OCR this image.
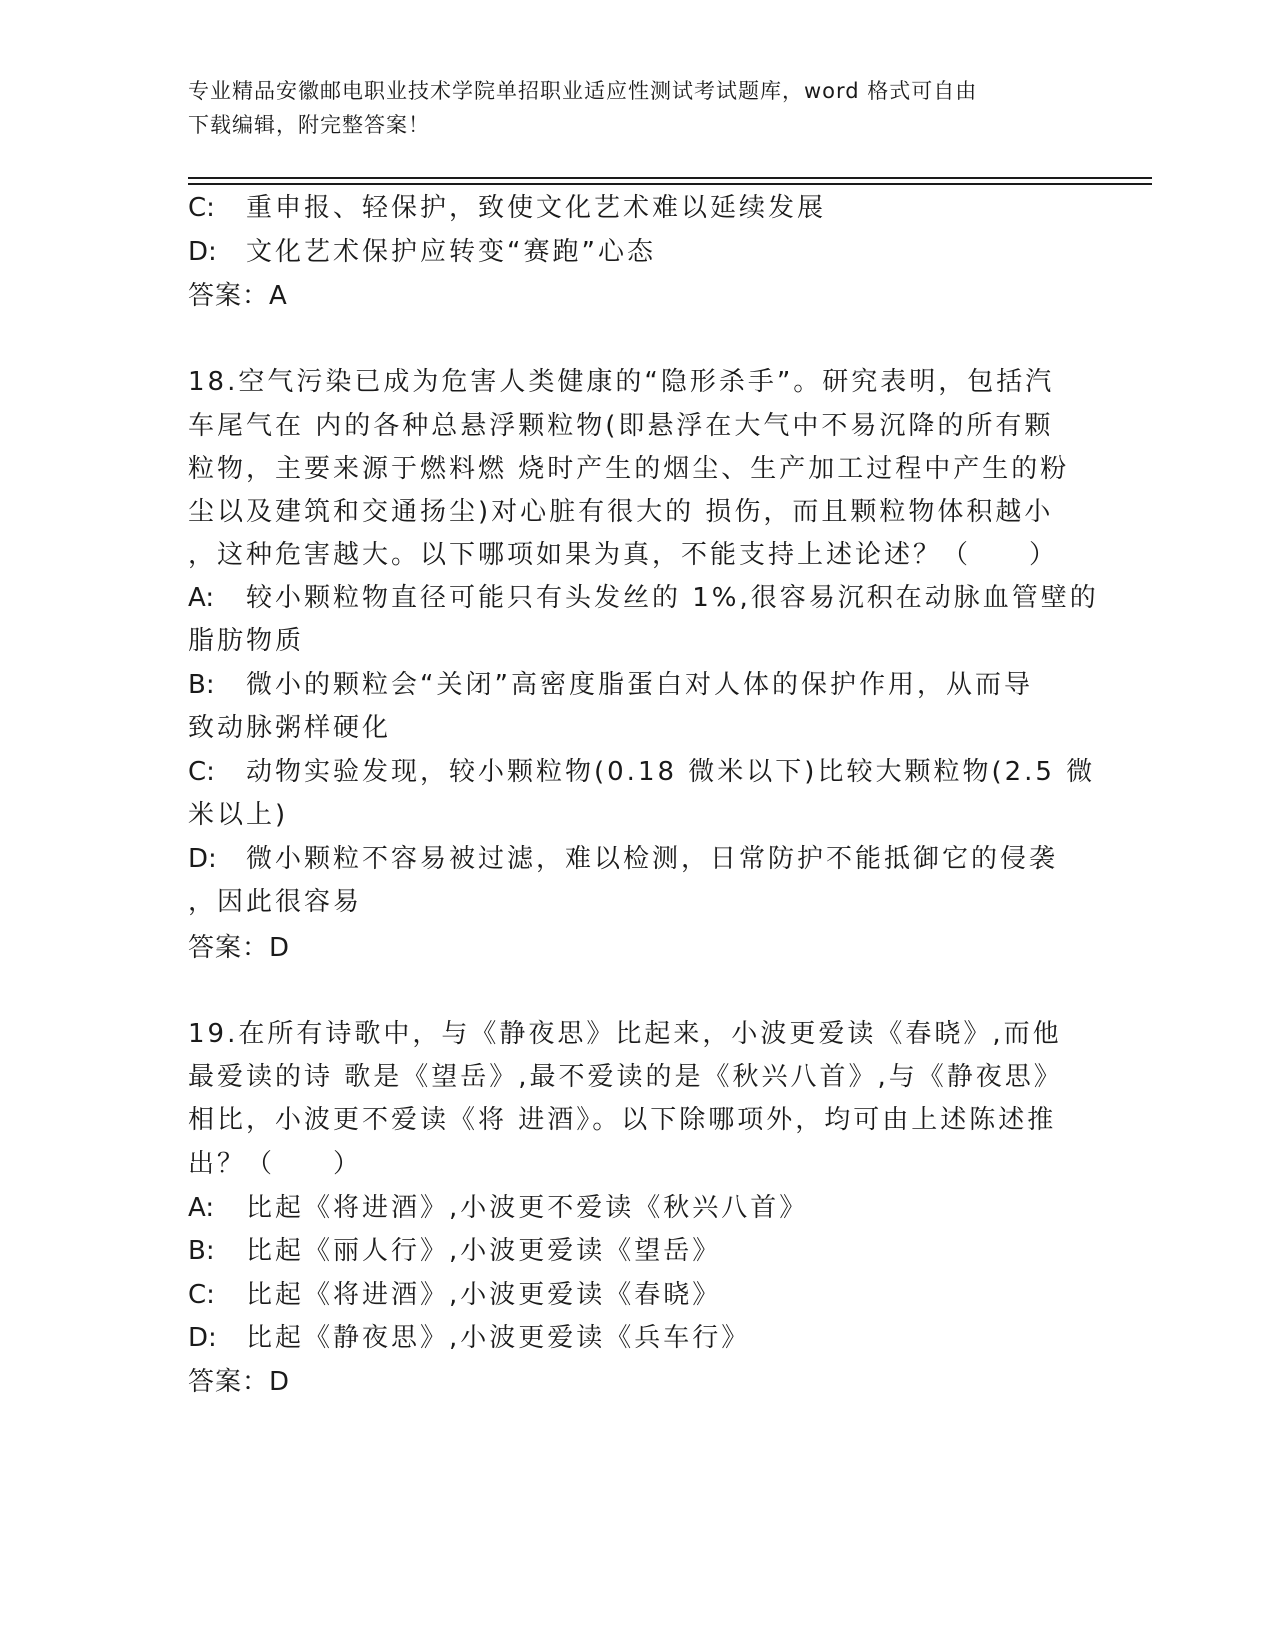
专业精品安徽邮电职业技术学院单招职业适应性测试考试题库，word 格式可自由
下载编辑，附完整答案！
C: 重申报、轻保护，致使文化艺术难以延续发展
D: 文化艺术保护应转变“赛跑”心态
答案：A
18.空气污染已成为危害人类健康的“隐形杀手”。研究表明，包括汽
车尾气在 内的各种总悬浮颗粒物(即悬浮在大气中不易沉降的所有颗
粒物，主要来源于燃料燃 烧时产生的烟尘、生产加工过程中产生的粉
尘以及建筑和交通扬尘)对心脏有很大的 损伤，而且颗粒物体积越小
，这种危害越大。以下哪项如果为真，不能支持上述论述？（　　）
A: 较小颗粒物直径可能只有头发丝的 1%,很容易沉积在动脉血管壁的
脂肪物质
B: 微小的颗粒会“关闭”高密度脂蛋白对人体的保护作用，从而导
致动脉粥样硬化
C: 动物实验发现，较小颗粒物(0.18 微米以下)比较大颗粒物(2.5 微
米以上)
D: 微小颗粒不容易被过滤，难以检测，日常防护不能抵御它的侵袭
，因此很容易
答案：D
19.在所有诗歌中，与《静夜思》比起来，小波更爱读《春晓》,而他
最爱读的诗 歌是《望岳》,最不爱读的是《秋兴八首》,与《静夜思》
相比，小波更不爱读《将 进酒》。以下除哪项外，均可由上述陈述推
出？（　　）
A: 比起《将进酒》,小波更不爱读《秋兴八首》
B: 比起《丽人行》,小波更爱读《望岳》
C: 比起《将进酒》,小波更爱读《春晓》
D: 比起《静夜思》,小波更爱读《兵车行》
答案：D
